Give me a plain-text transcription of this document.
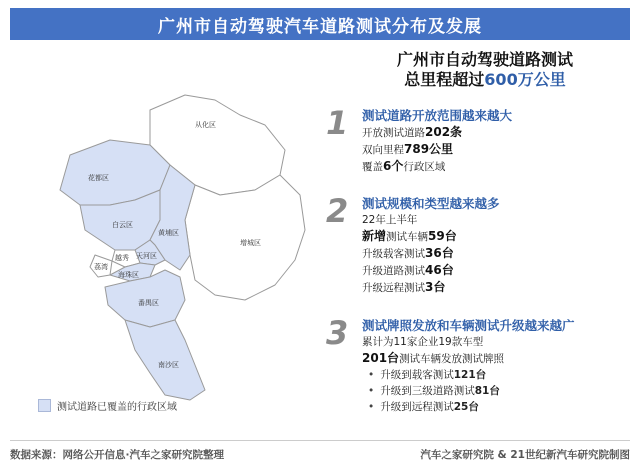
广州市自动驾驶汽车道路测试分布及发展
从化区
花都区
增城区
白云区
黄埔区
天河区
越秀
荔湾
海珠区
番禺区
南沙区
测试道路已覆盖的行政区域
广州市自动驾驶道路测试
总里程超过600万公里
1	测试道路开放范围越来越大
开放测试道路202条
双向里程789公里
覆盖6个行政区域
2	测试规模和类型越来越多
22年上半年
新增测试车辆59台
升级载客测试36台
升级道路测试46台
升级远程测试3台
3	测试牌照发放和车辆测试升级越来越广
累计为11家企业19款车型
201台测试车辆发放测试牌照
• 升级到载客测试121台
• 升级到三级道路测试81台
• 升级到远程测试25台
数据来源：网络公开信息·汽车之家研究院整理	汽车之家研究院 & 21世纪新汽车研究院制图
